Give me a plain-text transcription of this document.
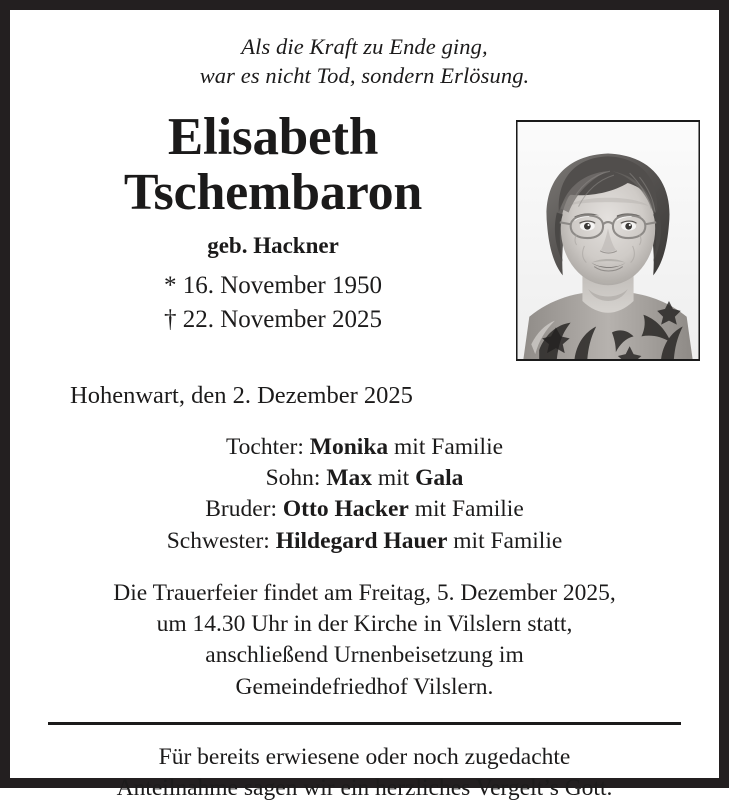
Als die Kraft zu Ende ging,
war es nicht Tod, sondern Erlösung.
Elisabeth
Tschembaron
geb. Hackner
* 16. November 1950
† 22. November 2025
Hohenwart, den 2. Dezember 2025
Tochter: Monika mit Familie
Sohn: Max mit Gala
Bruder: Otto Hacker mit Familie
Schwester: Hildegard Hauer mit Familie
Die Trauerfeier findet am Freitag, 5. Dezember 2025,
um 14.30 Uhr in der Kirche in Vilslern statt,
anschließend Urnenbeisetzung im
Gemeindefriedhof Vilslern.
Für bereits erwiesene oder noch zugedachte
Anteilnahme sagen wir ein herzliches Vergelt’s Gott.
